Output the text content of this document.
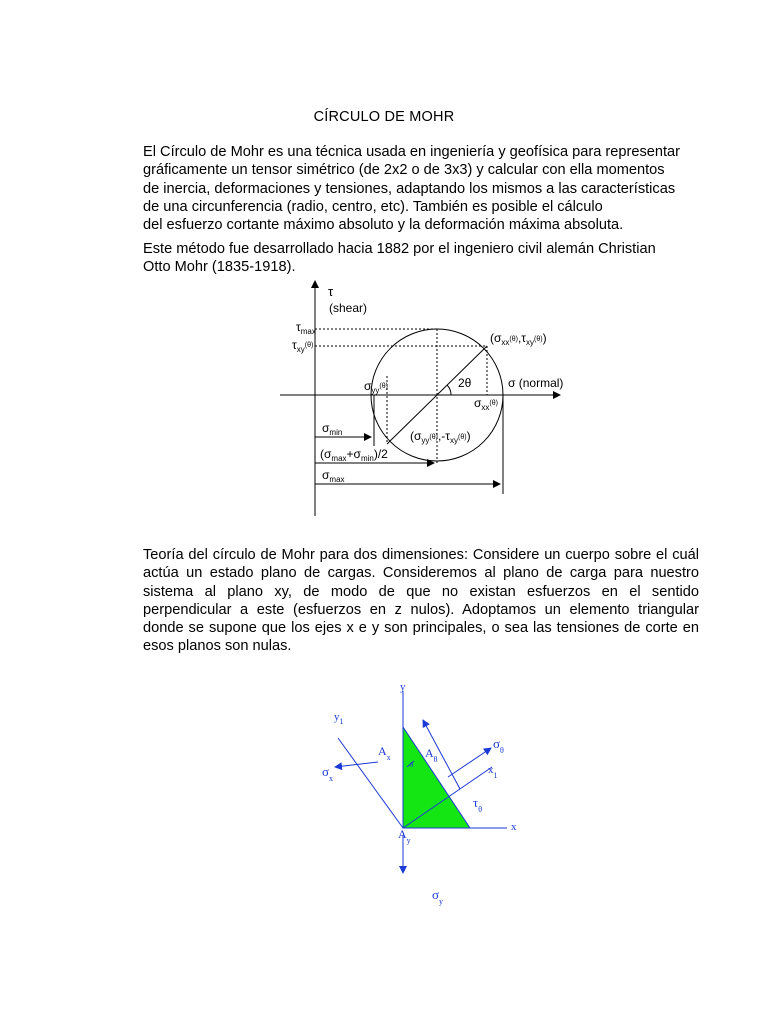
CÍRCULO DE MOHR
El Círculo de Mohr es una técnica usada en ingeniería y geofísica para representar
gráficamente un tensor simétrico (de 2x2 o de 3x3) y calcular con ella momentos
de inercia, deformaciones y tensiones, adaptando los mismos a las características
de una circunferencia (radio, centro, etc). También es posible el cálculo
del esfuerzo cortante máximo absoluto y la deformación máxima absoluta.
Este método fue desarrollado hacia 1882 por el ingeniero civil alemán Christian
Otto Mohr (1835-1918).
τ
(shear)
σ (normal)
2θ
$\tau_{max}$
$\tau_{xy}^{(\theta)}$
$\sigma_{yy}^{(\theta)}$
$\sigma_{xx}^{(\theta)}$
$(\sigma_{xx}^{(\theta)},\tau_{xy}^{(\theta)})$
$(\sigma_{yy}^{(\theta)},-\tau_{xy}^{(\theta)})$
$\sigma_{min}$
$(\sigma_{max}+\sigma_{min})/2$
$\sigma_{max}$
Teoría del círculo de Mohr para dos dimensiones: Considere un cuerpo sobre el cuál
actúa un estado plano de cargas. Consideremos al plano de carga para nuestro
sistema al plano xy, de modo de que no existan esfuerzos en el sentido
perpendicular a este (esfuerzos en z nulos). Adoptamos un elemento triangular
donde se supone que los ejes x e y son principales, o sea las tensiones de corte en
esos planos son nulas.
y
x
$y_1$
$x_1$
$A_x$	$A_\theta$
$A_y$
$\sigma_x$
$\sigma_\theta$
$\tau_\theta$
$\sigma_y$
θ
